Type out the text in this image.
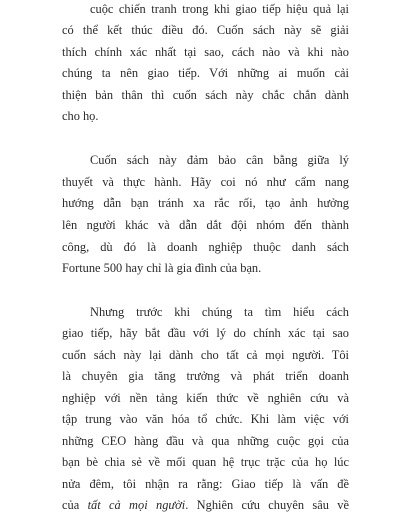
cuộc chiến tranh trong khi giao tiếp hiệu quả lại
có thể kết thúc điều đó. Cuốn sách này sẽ giải
thích chính xác nhất tại sao, cách nào và khi nào
chúng ta nên giao tiếp. Với những ai muốn cải
thiện bản thân thì cuốn sách này chắc chắn dành
cho họ.
Cuốn sách này đảm bảo cân bằng giữa lý
thuyết và thực hành. Hãy coi nó như cẩm nang
hướng dẫn bạn tránh xa rắc rối, tạo ảnh hưởng
lên người khác và dẫn dắt đội nhóm đến thành
công, dù đó là doanh nghiệp thuộc danh sách
Fortune 500 hay chỉ là gia đình của bạn.
Nhưng trước khi chúng ta tìm hiểu cách
giao tiếp, hãy bắt đầu với lý do chính xác tại sao
cuốn sách này lại dành cho tất cả mọi người. Tôi
là chuyên gia tăng trưởng và phát triển doanh
nghiệp với nền tảng kiến thức về nghiên cứu và
tập trung vào văn hóa tổ chức. Khi làm việc với
những CEO hàng đầu và qua những cuộc gọi của
bạn bè chia sẻ về mối quan hệ trục trặc của họ lúc
nửa đêm, tôi nhận ra rằng: Giao tiếp là vấn đề
của tất cả mọi người. Nghiên cứu chuyên sâu về
